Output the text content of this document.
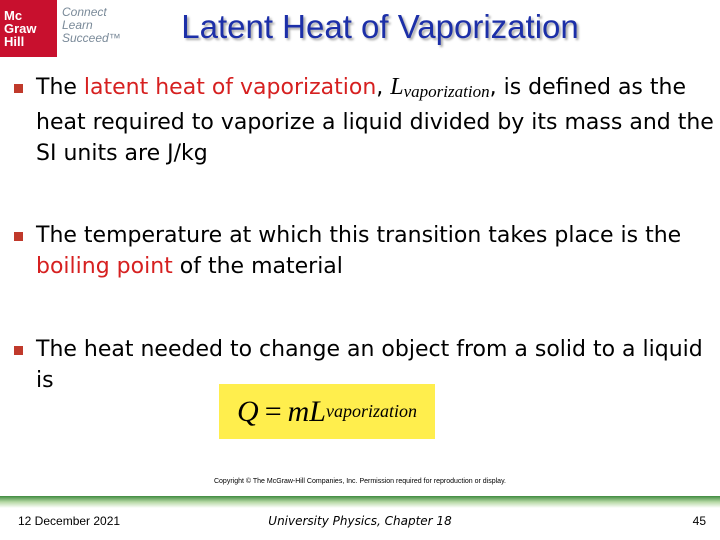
Mc
Graw
Hill
Connect
Learn
Succeed™	Latent Heat of Vaporization
The latent heat of vaporization, $L_{vaporization}$, is defined as the heat required to vaporize a liquid divided by its mass and the SI units are J/kg
The temperature at which this transition takes place is the boiling point of the material
The heat needed to change an object from a solid to a liquid is
Q = mL vaporization
Copyright © The McGraw-Hill Companies, Inc. Permission required for reproduction or display.
12 December 2021	University Physics, Chapter 18	45
